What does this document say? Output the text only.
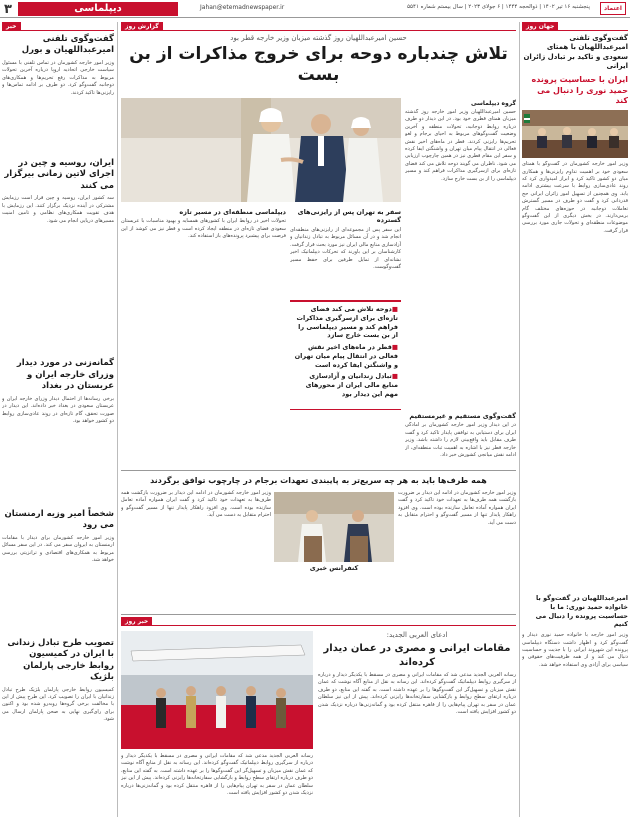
۳	دیپلماسی	Jahan@etemadnewspaper.ir	پنجشنبه ۱۶ تیر ۱۴۰۲ | ذوالحجه ۱۴۴۴ | ۶ جولای ۲۰۲۳ | سال بیستم شماره ۵۵۴۱	اعتماد
جهان روز
گفت‌وگوی تلفنی امیرعبداللهیان با همتای سعودی و تاکید بر تبادل زائران ایرانی
ایران با حساسیت پرونده حمید نوری را دنبال می کند

وزیر امور خارجه کشورمان در گفت‌وگو با همتای سعودی خود بر اهمیت تداوم رایزنی‌ها و همکاری میان دو کشور تاکید کرد و ابراز امیدواری کرد که روند عادی‌سازی روابط با سرعت بیشتری ادامه یابد. وی همچنین از تسهیل امور زائران ایرانی حج قدردانی کرد و گفت دو طرف در مسیر گسترش تعاملات دوجانبه در حوزه‌های مختلف گام برمی‌دارند. در بخش دیگری از این گفت‌وگو موضوعات منطقه‌ای و تحولات جاری مورد بررسی قرار گرفت.

امیرعبداللهیان در گفت‌وگو با خانواده حمید نوری: ما با حساسیت پرونده را دنبال می کنیم

وزیر امور خارجه با خانواده حمید نوری دیدار و گفت‌وگو کرد و اظهار داشت دستگاه دیپلماسی پرونده این شهروند ایرانی را با جدیت و حساسیت دنبال می کند و از همه ظرفیت‌های حقوقی و سیاسی برای آزادی وی استفاده خواهد شد.

گزارش روز
حسین امیرعبداللهیان روز گذشته میزبان وزیر خارجه قطر بود
تلاش چندباره دوحه برای خروج مذاکرات از بن بست
گروه دیپلماسی

حسین امیرعبداللهیان وزیر امور خارجه روز گذشته میزبان همتای قطری خود بود. در این دیدار دو طرف درباره روابط دوجانبه، تحولات منطقه و آخرین وضعیت گفت‌وگوهای مربوط به احیای برجام و لغو تحریم‌ها رایزنی کردند. قطر در ماه‌های اخیر نقش فعالی در انتقال پیام میان تهران و واشنگتن ایفا کرده و سفر این مقام قطری نیز در همین چارچوب ارزیابی می شود. ناظران می گویند دوحه تلاش می کند فضای تازه‌ای برای ازسرگیری مذاکرات فراهم کند و مسیر دیپلماسی را از بن بست خارج سازد.

گفت‌وگوی مستقیم و غیرمستقیم

در این دیدار وزیر امور خارجه کشورمان بر آمادگی ایران برای دستیابی به توافقی پایدار تاکید کرد و گفت طرف مقابل باید واقع‌بینی لازم را داشته باشد. وزیر خارجه قطر نیز با اشاره به اهمیت ثبات منطقه‌ای، از ادامه نقش میانجی کشورش خبر داد.

سفر به تهران پس از رایزنی‌های گسترده

این سفر پس از مجموعه‌ای از رایزنی‌های منطقه‌ای انجام شد و در آن مسائل مربوط به تبادل زندانیان و آزادسازی منابع مالی ایران نیز مورد بحث قرار گرفت. کارشناسان بر این باورند که تحرکات دیپلماتیک اخیر نشانه‌ای از تمایل طرفین برای حفظ مسیر گفت‌وگوست.

■ دوحه تلاش می کند فضای تازه‌ای برای ازسرگیری مذاکرات فراهم کند و مسیر دیپلماسی را از بن بست خارج سازد
■ قطر در ماه‌های اخیر نقش فعالی در انتقال پیام میان تهران و واشنگتن ایفا کرده است
■ تبادل زندانیان و آزادسازی منابع مالی ایران از محورهای مهم این دیدار بود
دیپلماسی منطقه‌ای در مسیر تازه

تحولات اخیر در روابط ایران با کشورهای همسایه و بهبود مناسبات با عربستان سعودی فضای تازه‌ای در منطقه ایجاد کرده است و قطر نیز می کوشد از این فرصت برای پیشبرد پرونده‌های باز استفاده کند.

همه طرف‌ها باید به هر چه سریع‌تر به پایبندی تعهدات برجام در چارچوب توافق برگردند

وزیر امور خارجه کشورمان در ادامه این دیدار بر ضرورت بازگشت همه طرف‌ها به تعهدات خود تاکید کرد و گفت ایران همواره آماده تعامل سازنده بوده است. وی افزود راهکار پایدار تنها از مسیر گفت‌وگو و احترام متقابل به دست می آید.

کنفرانس خبری

وزیر امور خارجه کشورمان در ادامه این دیدار بر ضرورت بازگشت همه طرف‌ها به تعهدات خود تاکید کرد و گفت ایران همواره آماده تعامل سازنده بوده است. وی افزود راهکار پایدار تنها از مسیر گفت‌وگو و احترام متقابل به دست می آید.

خبر روز
ادعای العربی الجدید:
مقامات ایرانی و مصری در عمان دیدار کرده‌اند

رسانه العربی الجدید مدعی شد که مقامات ایرانی و مصری در مسقط با یکدیگر دیدار و درباره از سرگیری روابط دیپلماتیک گفت‌وگو کرده‌اند. این رسانه به نقل از منابع آگاه نوشت که عمان نقش میزبان و تسهیل‌گر این گفت‌وگوها را بر عهده داشته است. به گفته این منابع، دو طرف درباره ارتقای سطح روابط و بازگشایی سفارتخانه‌ها رایزنی کرده‌اند. پیش از این نیز سلطان عمان در سفر به تهران پیام‌هایی را از قاهره منتقل کرده بود و گمانه‌زنی‌ها درباره نزدیک شدن دو کشور افزایش یافته است.

رسانه العربی الجدید مدعی شد که مقامات ایرانی و مصری در مسقط با یکدیگر دیدار و درباره از سرگیری روابط دیپلماتیک گفت‌وگو کرده‌اند. این رسانه به نقل از منابع آگاه نوشت که عمان نقش میزبان و تسهیل‌گر این گفت‌وگوها را بر عهده داشته است. به گفته این منابع، دو طرف درباره ارتقای سطح روابط و بازگشایی سفارتخانه‌ها رایزنی کرده‌اند. پیش از این نیز سلطان عمان در سفر به تهران پیام‌هایی را از قاهره منتقل کرده بود و گمانه‌زنی‌ها درباره نزدیک شدن دو کشور افزایش یافته است.

خبر
گفت‌وگوی تلفنی امیرعبداللهیان و بورل

وزیر امور خارجه کشورمان در تماس تلفنی با مسئول سیاست خارجی اتحادیه اروپا درباره آخرین تحولات مربوط به مذاکرات رفع تحریم‌ها و همکاری‌های دوجانبه گفت‌وگو کرد. دو طرف بر ادامه تماس‌ها و رایزنی‌ها تاکید کردند.

ایران، روسیه و چین در اجرای لاتین زمانی بیرگزار می کنند

سه کشور ایران، روسیه و چین قرار است رزمایش مشترکی در آینده نزدیک برگزار کنند. این رزمایش با هدف تقویت همکاری‌های نظامی و تامین امنیت مسیرهای دریایی انجام می شود.

گمانه‌زنی در مورد دیدار وزرای خارجه ایران و عربستان در بغداد

برخی رسانه‌ها از احتمال دیدار وزرای خارجه ایران و عربستان سعودی در بغداد خبر داده‌اند. این دیدار در صورت تحقق، گام تازه‌ای در روند عادی‌سازی روابط دو کشور خواهد بود.

شخصاً امیر وزیه ارمنستان می‌ رود

وزیر امور خارجه کشورمان برای دیدار با مقامات ارمنستان به ایروان سفر می کند. در این سفر مسائل مربوط به همکاری‌های اقتصادی و ترانزیتی بررسی خواهد شد.

تصویب طرح تبادل زندانی با ایران در کمیسیون روابط خارجی پارلمان بلژیک

کمیسیون روابط خارجی پارلمان بلژیک طرح تبادل زندانیان با ایران را تصویب کرد. این طرح پیش از این با مخالفت برخی گروه‌ها روبه‌رو شده بود و اکنون برای رای‌گیری نهایی به صحن پارلمان ارسال می شود.
